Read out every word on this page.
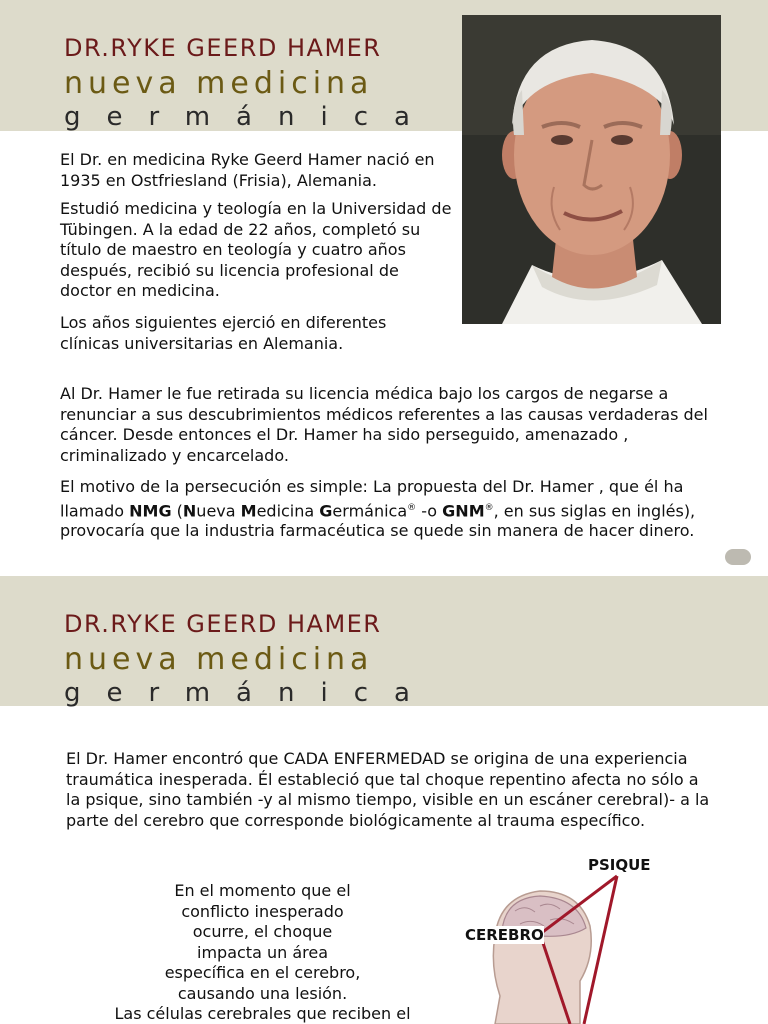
DR.RYKE GEERD HAMER
nueva medicina
germánica

El Dr. en medicina Ryke Geerd Hamer nació en 1935 en Ostfriesland (Frisia), Alemania.

Estudió medicina y teología en la Universidad de Tübingen. A la edad de 22 años, completó su título de maestro en teología y cuatro años después, recibió su licencia profesional de doctor en medicina.

Los años siguientes ejerció en diferentes clínicas universitarias en Alemania.

Al Dr. Hamer le fue retirada su licencia médica bajo los cargos de negarse a renunciar a sus descubrimientos médicos referentes a las causas verdaderas del cáncer. Desde entonces el Dr. Hamer ha sido perseguido, amenazado , criminalizado y encarcelado.

El motivo de la persecución es simple: La propuesta del Dr. Hamer , que él ha llamado NMG (Nueva Medicina Germánica® -o GNM®, en sus siglas en inglés), provocaría que la industria farmacéutica se quede sin manera de hacer dinero.

DR.RYKE GEERD HAMER
nueva medicina
germánica

El Dr. Hamer encontró que CADA ENFERMEDAD se origina de una experiencia traumática inesperada. Él estableció que tal choque repentino afecta no sólo a la psique, sino también -y al mismo tiempo, visible en un escáner cerebral)- a la parte del cerebro que corresponde biológicamente al trauma específico.

En el momento que el
conflicto inesperado
ocurre, el choque
impacta un área
específica en el cerebro,
causando una lesión.
Las células cerebrales que reciben el
PSIQUE
CEREBRO
